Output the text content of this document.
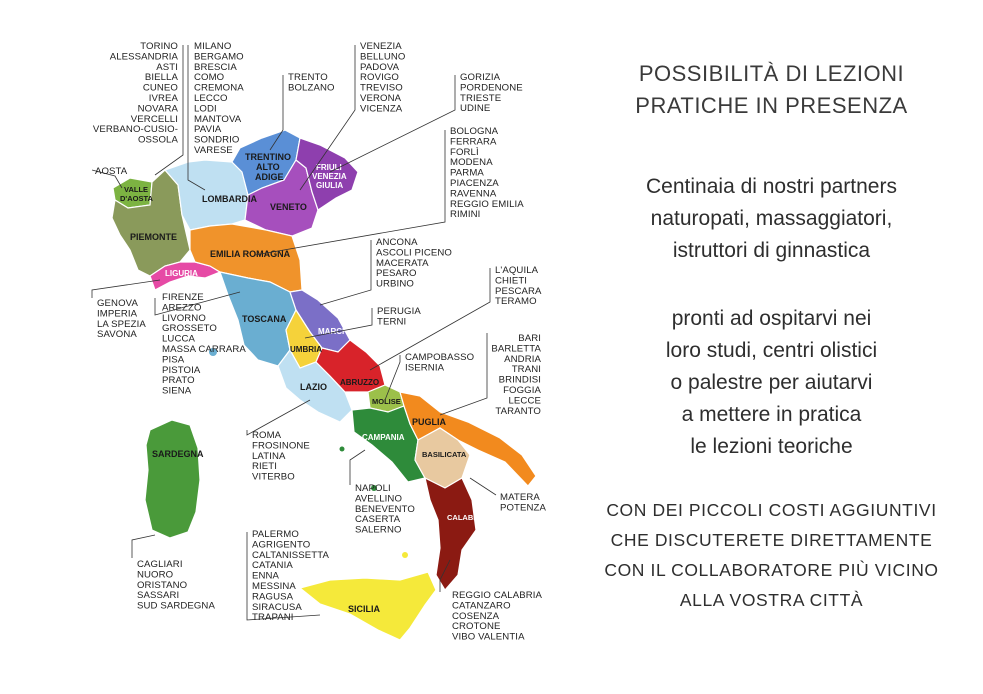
VALLE
D'AOSTA
PIEMONTE
LOMBARDIA
TRENTINO
ALTO
ADIGE
VENETO
FRIULI
VENEZIA
GIULIA
LIGURIA
EMILIA ROMAGNA
TOSCANA
MARCHE
UMBRIA
LAZIO ABRUZZO
MOLISE
CAMPANIA
PUGLIA
BASILICATA
CALABRIA
SICILIA
SARDEGNA
TORINO
ALESSANDRIA
ASTI
BIELLA
CUNEO
IVREA
NOVARA
VERCELLI
VERBANO-CUSIO-
OSSOLA
MILANO
BERGAMO
BRESCIA
COMO
CREMONA
LECCO
LODI
MANTOVA
PAVIA
SONDRIO
VARESE
TRENTO
BOLZANO
VENEZIA
BELLUNO
PADOVA
ROVIGO
TREVISO
VERONA
VICENZA
GORIZIA
PORDENONE
TRIESTE
UDINE
AOSTA
BOLOGNA
FERRARA
FORLÌ
MODENA
PARMA
PIACENZA
RAVENNA
REGGIO EMILIA
RIMINI
ANCONA
ASCOLI PICENO
MACERATA
PESARO
URBINO
PERUGIA
TERNI
L'AQUILA
CHIETI
PESCARA
TERAMO
GENOVA
IMPERIA
LA SPEZIA
SAVONA
FIRENZE
AREZZO
LIVORNO
GROSSETO
LUCCA
MASSA CARRARA
PISA
PISTOIA
PRATO
SIENA
CAMPOBASSO
ISERNIA
BARI
BARLETTA
ANDRIA
TRANI
BRINDISI
FOGGIA
LECCE
TARANTO
ROMA
FROSINONE
LATINA
RIETI
VITERBO
NAPOLI
AVELLINO
BENEVENTO
CASERTA
SALERNO
MATERA
POTENZA
CAGLIARI
NUORO
ORISTANO
SASSARI
SUD SARDEGNA
PALERMO
AGRIGENTO
CALTANISSETTA
CATANIA
ENNA
MESSINA
RAGUSA
SIRACUSA
TRAPANI
REGGIO CALABRIA
CATANZARO
COSENZA
CROTONE
VIBO VALENTIA
POSSIBILITÀ DI LEZIONI
PRATICHE IN PRESENZA
Centinaia di nostri partners
naturopati, massaggiatori,
istruttori di ginnastica
pronti ad ospitarvi nei
loro studi, centri olistici
o palestre per aiutarvi
a mettere in pratica
le lezioni teoriche
CON DEI PICCOLI COSTI AGGIUNTIVI
CHE DISCUTERETE DIRETTAMENTE
CON IL COLLABORATORE PIÙ VICINO
ALLA VOSTRA CITTÀ
